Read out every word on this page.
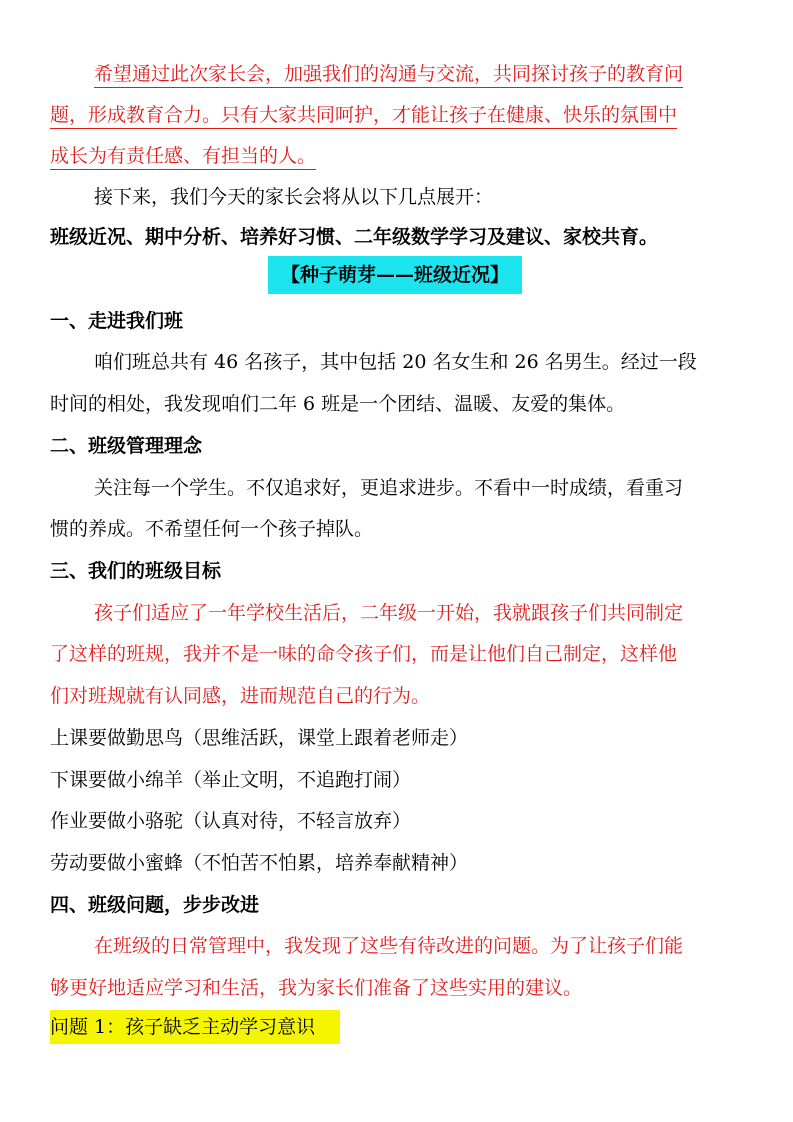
希望通过此次家长会，加强我们的沟通与交流，共同探讨孩子的教育问
题，形成教育合力。只有大家共同呵护，才能让孩子在健康、快乐的氛围中
成长为有责任感、有担当的人。
接下来，我们今天的家长会将从以下几点展开：
班级近况、期中分析、培养好习惯、二年级数学学习及建议、家校共育。
【种子萌芽——班级近况】
一、走进我们班
咱们班总共有 46 名孩子，其中包括 20 名女生和 26 名男生。经过一段
时间的相处，我发现咱们二年 6 班是一个团结、温暖、友爱的集体。
二、班级管理理念
关注每一个学生。不仅追求好，更追求进步。不看中一时成绩，看重习
惯的养成。不希望任何一个孩子掉队。
三、我们的班级目标
孩子们适应了一年学校生活后，二年级一开始，我就跟孩子们共同制定
了这样的班规，我并不是一味的命令孩子们，而是让他们自己制定，这样他
们对班规就有认同感，进而规范自己的行为。
上课要做勤思鸟（思维活跃，课堂上跟着老师走）
下课要做小绵羊（举止文明，不追跑打闹）
作业要做小骆驼（认真对待，不轻言放弃）
劳动要做小蜜蜂（不怕苦不怕累，培养奉献精神）
四、班级问题，步步改进
在班级的日常管理中，我发现了这些有待改进的问题。为了让孩子们能
够更好地适应学习和生活，我为家长们准备了这些实用的建议。
问题 1：孩子缺乏主动学习意识
